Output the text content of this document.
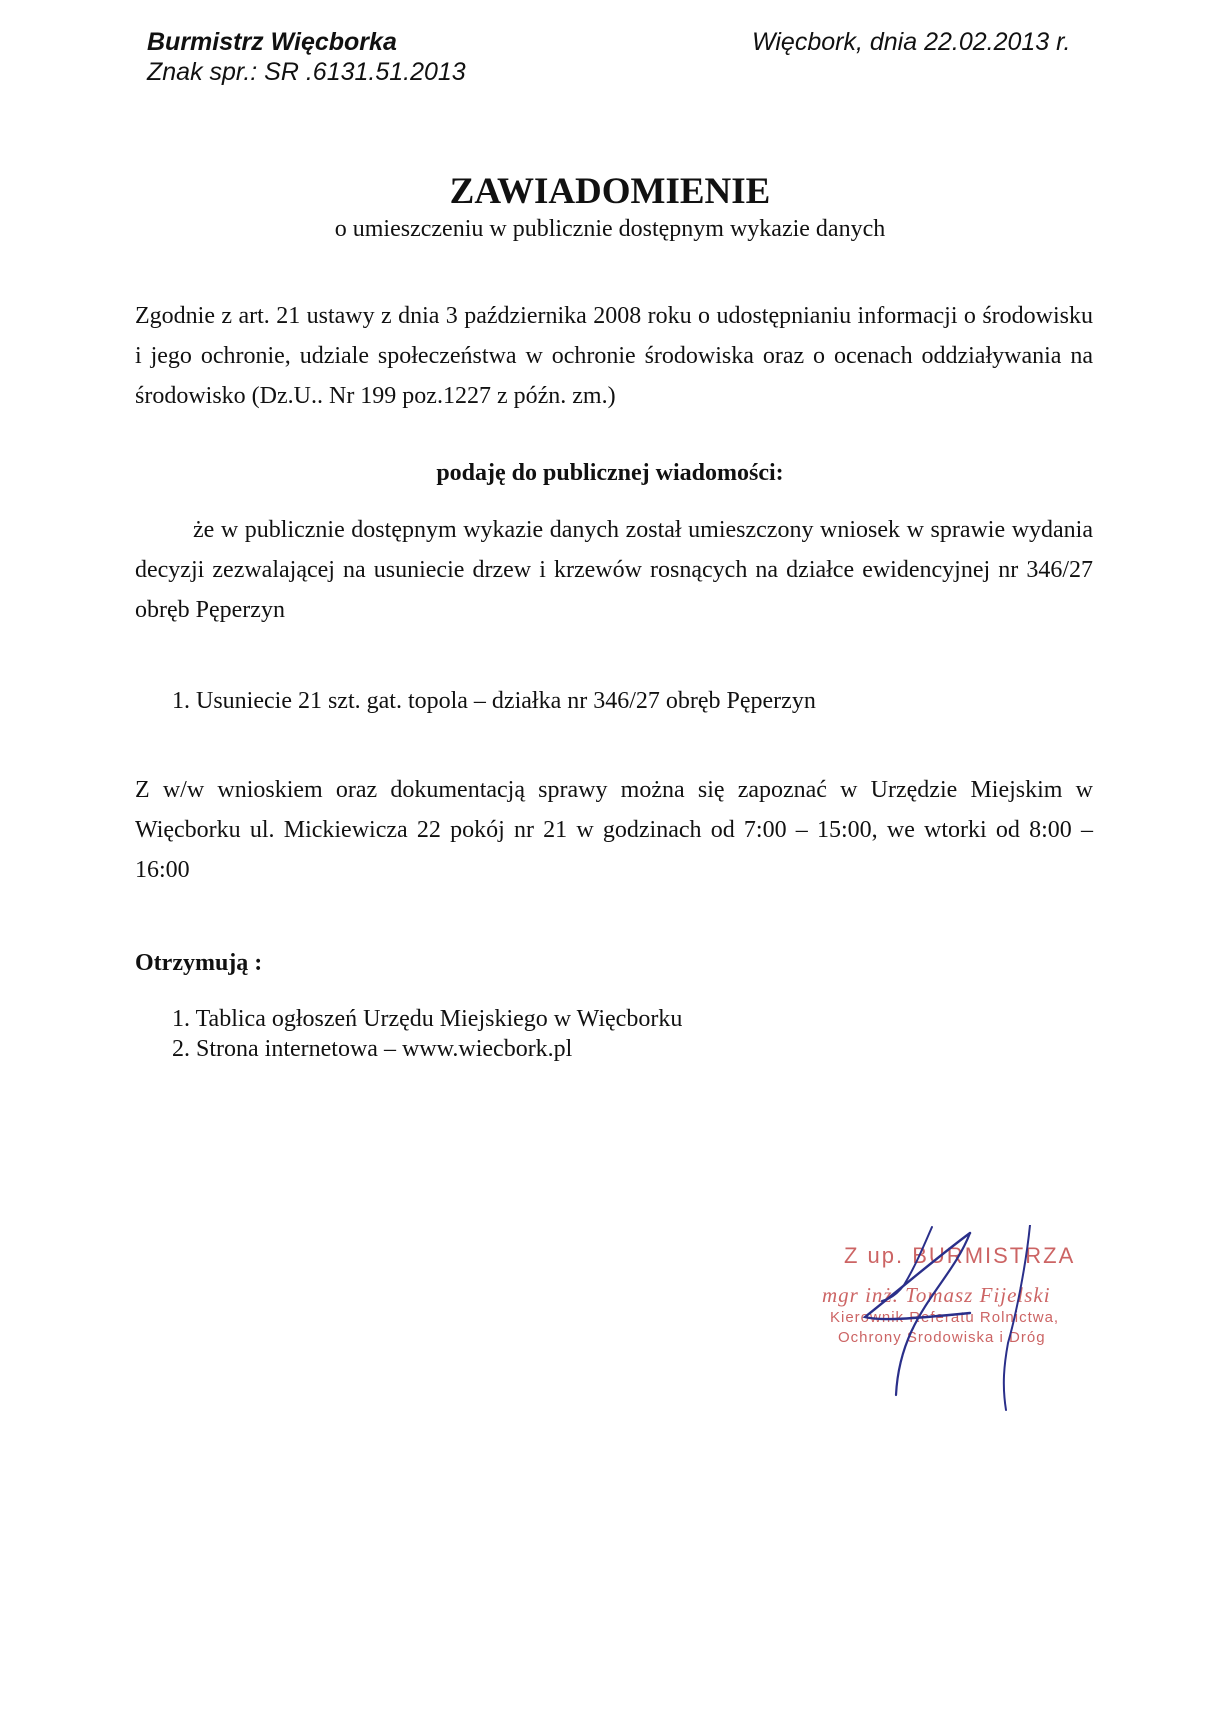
Burmistrz Więcborka
Znak spr.: SR .6131.51.2013
Więcbork, dnia 22.02.2013 r.
ZAWIADOMIENIE
o umieszczeniu w publicznie dostępnym wykazie danych
Zgodnie z art. 21 ustawy z dnia 3 października 2008 roku o udostępnianiu informacji o środowisku i jego ochronie, udziale społeczeństwa w ochronie środowiska oraz o ocenach oddziaływania na środowisko (Dz.U.. Nr 199 poz.1227 z późn. zm.)
podaję do publicznej wiadomości:
że w publicznie dostępnym wykazie danych został umieszczony wniosek w sprawie wydania decyzji zezwalającej na usuniecie drzew i krzewów rosnących na działce ewidencyjnej nr 346/27 obręb Pęperzyn
1. Usuniecie 21 szt. gat. topola – działka nr 346/27 obręb Pęperzyn
Z w/w wnioskiem oraz dokumentacją sprawy można się zapoznać w Urzędzie Miejskim w Więcborku ul. Mickiewicza 22 pokój nr 21 w godzinach od 7:00 – 15:00, we wtorki od 8:00 – 16:00
Otrzymują :
1. Tablica ogłoszeń Urzędu Miejskiego w Więcborku
2. Strona internetowa – www.wiecbork.pl
Z up. BURMISTRZA
mgr inż. Tomasz Fijelski
Kierownik Referatu Rolnictwa,
Ochrony Środowiska i Dróg
